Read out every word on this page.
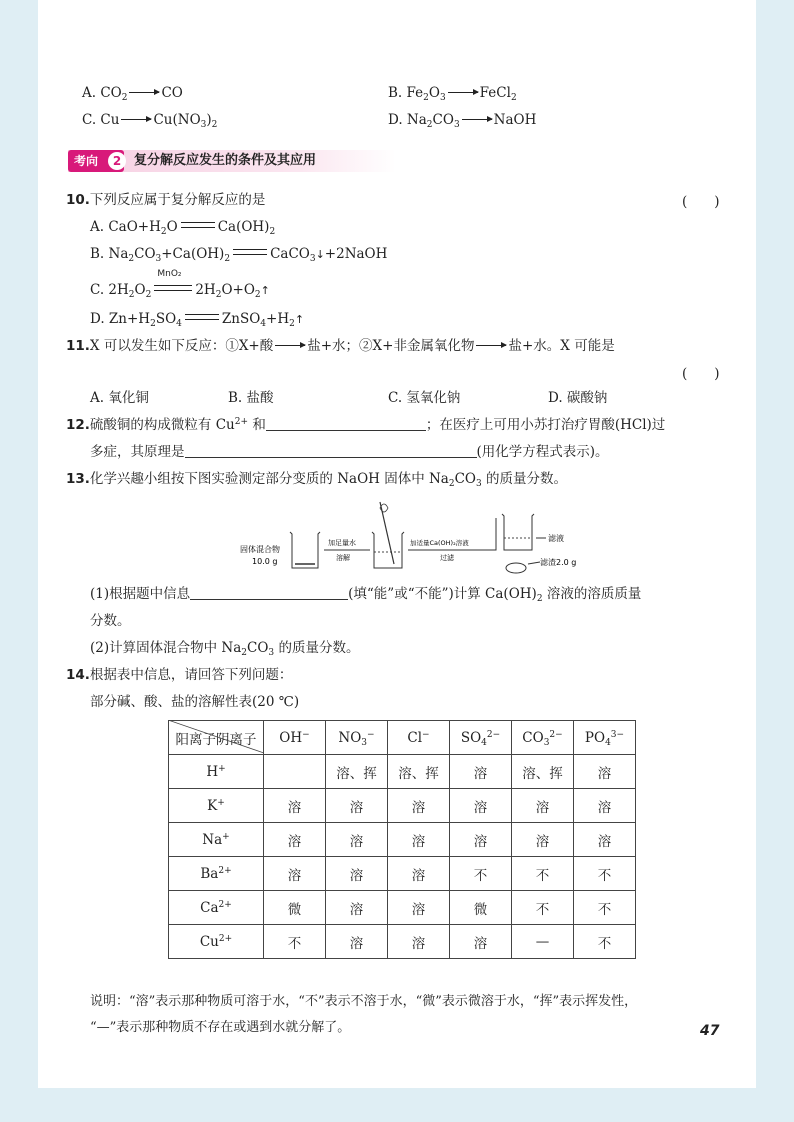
A. $CO_2$	CO	B. $Fe_2O_3$	FeCl$_2$
C. Cu	$Cu(NO_3)_2$	D. $Na_2CO_3$	NaOH
考向	2 复分解反应发生的条件及其应用
10.下列反应属于复分解反应的是	(　　)
A. $CaO+H_2O$	$Ca(OH)_2$
B. $Na_2CO_3+Ca(OH)_2$	CaCO$_3$↓+2NaOH
C. $2H_2O_2$
MnO₂
$2H_2O+O_2↑$
D. $Zn+H_2SO_4$	$ZnSO_4+H_2↑$
11.X 可以发生如下反应：①X+酸	盐+水；②X+非金属氧化物	盐+水。X 可能是
(　　)
A. 氧化铜	B. 盐酸	C. 氢氧化钠	D. 碳酸钠
12.硫酸铜的构成微粒有 $Cu^{2+}$ 和	；在医疗上可用小苏打治疗胃酸(HCl)过
多症，其原理是	(用化学方程式表示)。
13.化学兴趣小组按下图实验测定部分变质的 NaOH 固体中 $Na_2CO_3$ 的质量分数。
固体混合物
10.0 g
加足量水
溶解
加适量Ca(OH)₂溶液
过滤
滤液
滤渣2.0 g
(1)根据题中信息	(填“能”或“不能”)计算 $Ca(OH)_2$ 溶液的溶质质量
分数。
(2)计算固体混合物中 $Na_2CO_3$ 的质量分数。
14.根据表中信息，请回答下列问题：
部分碱、酸、盐的溶解性表(20 ℃)
阳离子阴离子	OH−	$NO_3^-$	Cl−	$SO_4^{2-}$	$CO_3^{2-}$	$PO_4^{3-}$
H+		溶、挥	溶、挥	溶	溶、挥	溶
K+	溶	溶	溶	溶	溶	溶
Na+	溶	溶	溶	溶	溶	溶
$Ba^{2+}$	溶	溶	溶	不	不	不
$Ca^{2+}$	微	溶	溶	微	不	不
$Cu^{2+}$	不	溶	溶	溶	—	不
说明：“溶”表示那种物质可溶于水，“不”表示不溶于水，“微”表示微溶于水，“挥”表示挥发性，
“—”表示那种物质不存在或遇到水就分解了。	47
